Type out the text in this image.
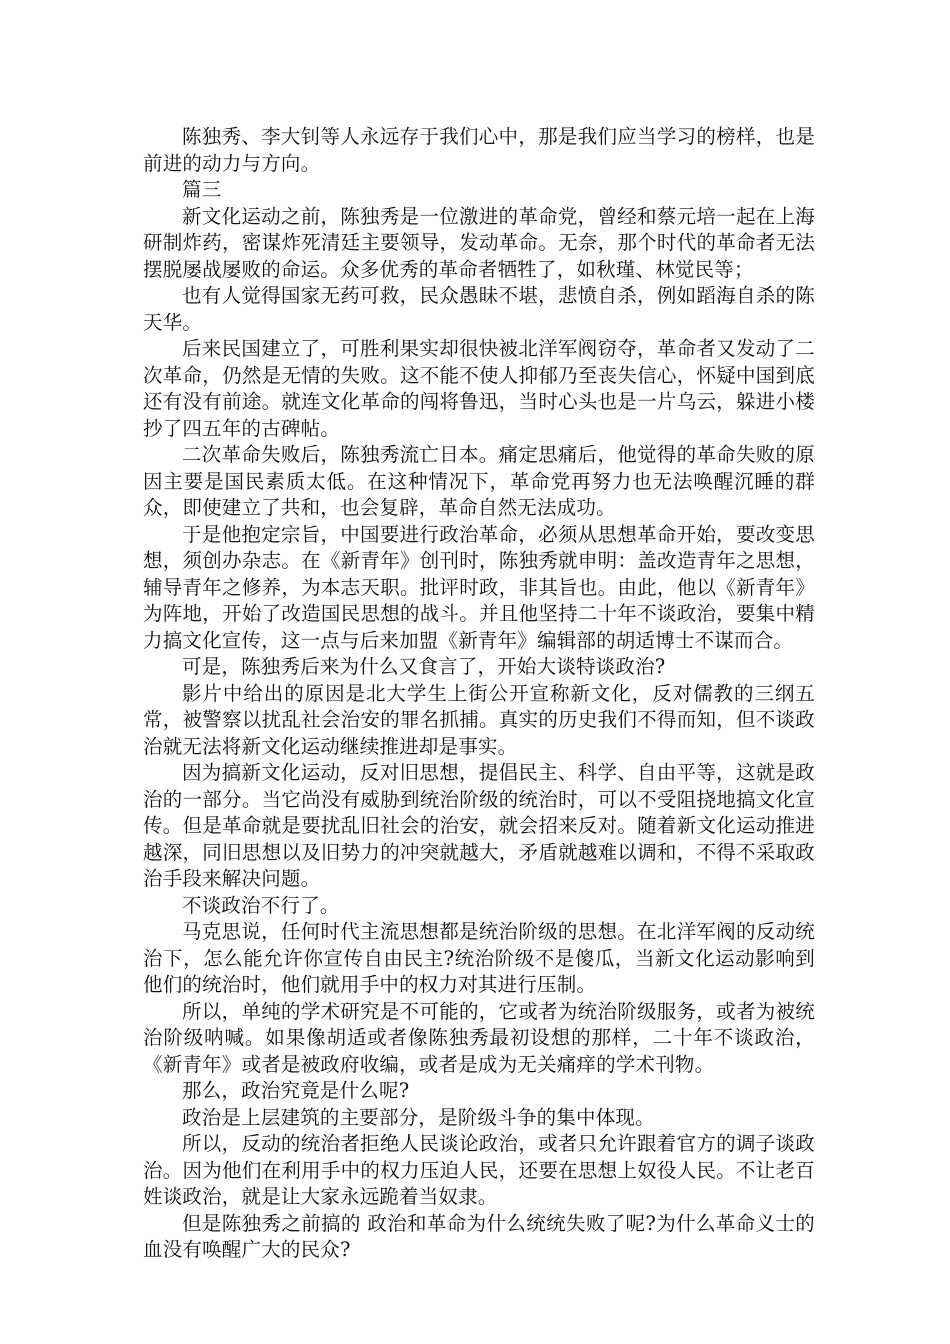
陈独秀、李大钊等人永远存于我们心中，那是我们应当学习的榜样，也是前进的动力与方向。

篇三

新文化运动之前，陈独秀是一位激进的革命党，曾经和蔡元培一起在上海研制炸药，密谋炸死清廷主要领导，发动革命。无奈，那个时代的革命者无法摆脱屡战屡败的命运。众多优秀的革命者牺牲了，如秋瑾、林觉民等；

也有人觉得国家无药可救，民众愚昧不堪，悲愤自杀，例如蹈海自杀的陈天华。

后来民国建立了，可胜利果实却很快被北洋军阀窃夺，革命者又发动了二次革命，仍然是无情的失败。这不能不使人抑郁乃至丧失信心，怀疑中国到底还有没有前途。就连文化革命的闯将鲁迅，当时心头也是一片乌云，躲进小楼抄了四五年的古碑帖。

二次革命失败后，陈独秀流亡日本。痛定思痛后，他觉得的革命失败的原因主要是国民素质太低。在这种情况下，革命党再努力也无法唤醒沉睡的群众，即使建立了共和，也会复辟，革命自然无法成功。

于是他抱定宗旨，中国要进行政治革命，必须从思想革命开始，要改变思想，须创办杂志。在《新青年》创刊时，陈独秀就申明：盖改造青年之思想，辅导青年之修养，为本志天职。批评时政，非其旨也。由此，他以《新青年》为阵地，开始了改造国民思想的战斗。并且他坚持二十年不谈政治，要集中精力搞文化宣传，这一点与后来加盟《新青年》编辑部的胡适博士不谋而合。

可是，陈独秀后来为什么又食言了，开始大谈特谈政治?

影片中给出的原因是北大学生上街公开宣称新文化，反对儒教的三纲五常，被警察以扰乱社会治安的罪名抓捕。真实的历史我们不得而知，但不谈政治就无法将新文化运动继续推进却是事实。

因为搞新文化运动，反对旧思想，提倡民主、科学、自由平等，这就是政治的一部分。当它尚没有威胁到统治阶级的统治时，可以不受阻挠地搞文化宣传。但是革命就是要扰乱旧社会的治安，就会招来反对。随着新文化运动推进越深，同旧思想以及旧势力的冲突就越大，矛盾就越难以调和，不得不采取政治手段来解决问题。

不谈政治不行了。

马克思说，任何时代主流思想都是统治阶级的思想。在北洋军阀的反动统治下，怎么能允许你宣传自由民主?统治阶级不是傻瓜，当新文化运动影响到他们的统治时，他们就用手中的权力对其进行压制。

所以，单纯的学术研究是不可能的，它或者为统治阶级服务，或者为被统治阶级呐喊。如果像胡适或者像陈独秀最初设想的那样，二十年不谈政治，《新青年》或者是被政府收编，或者是成为无关痛痒的学术刊物。

那么，政治究竟是什么呢?

政治是上层建筑的主要部分，是阶级斗争的集中体现。

所以，反动的统治者拒绝人民谈论政治，或者只允许跟着官方的调子谈政治。因为他们在利用手中的权力压迫人民，还要在思想上奴役人民。不让老百姓谈政治，就是让大家永远跪着当奴隶。

但是陈独秀之前搞的 政治和革命为什么统统失败了呢?为什么革命义士的血没有唤醒广大的民众?
